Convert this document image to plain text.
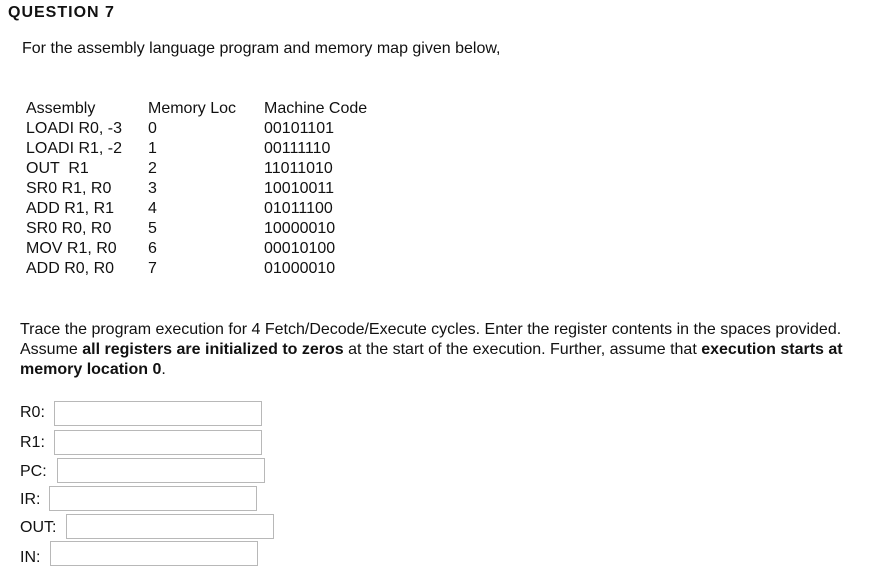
QUESTION 7
For the assembly language program and memory map given below,
Assembly	Memory Loc	Machine Code
LOADI R0, -3	0	00101101
LOADI R1, -2	1	00111110
OUT  R1	2	11011010
SR0 R1, R0	3	10010011
ADD R1, R1	4	01011100
SR0 R0, R0	5	10000010
MOV R1, R0	6	00010100
ADD R0, R0	7	01000010
Trace the program execution for 4 Fetch/Decode/Execute cycles. Enter the register contents in the spaces provided. Assume all registers are initialized to zeros at the start of the execution. Further, assume that execution starts at memory location 0.
R0:
R1:
PC:
IR:
OUT:
IN:
